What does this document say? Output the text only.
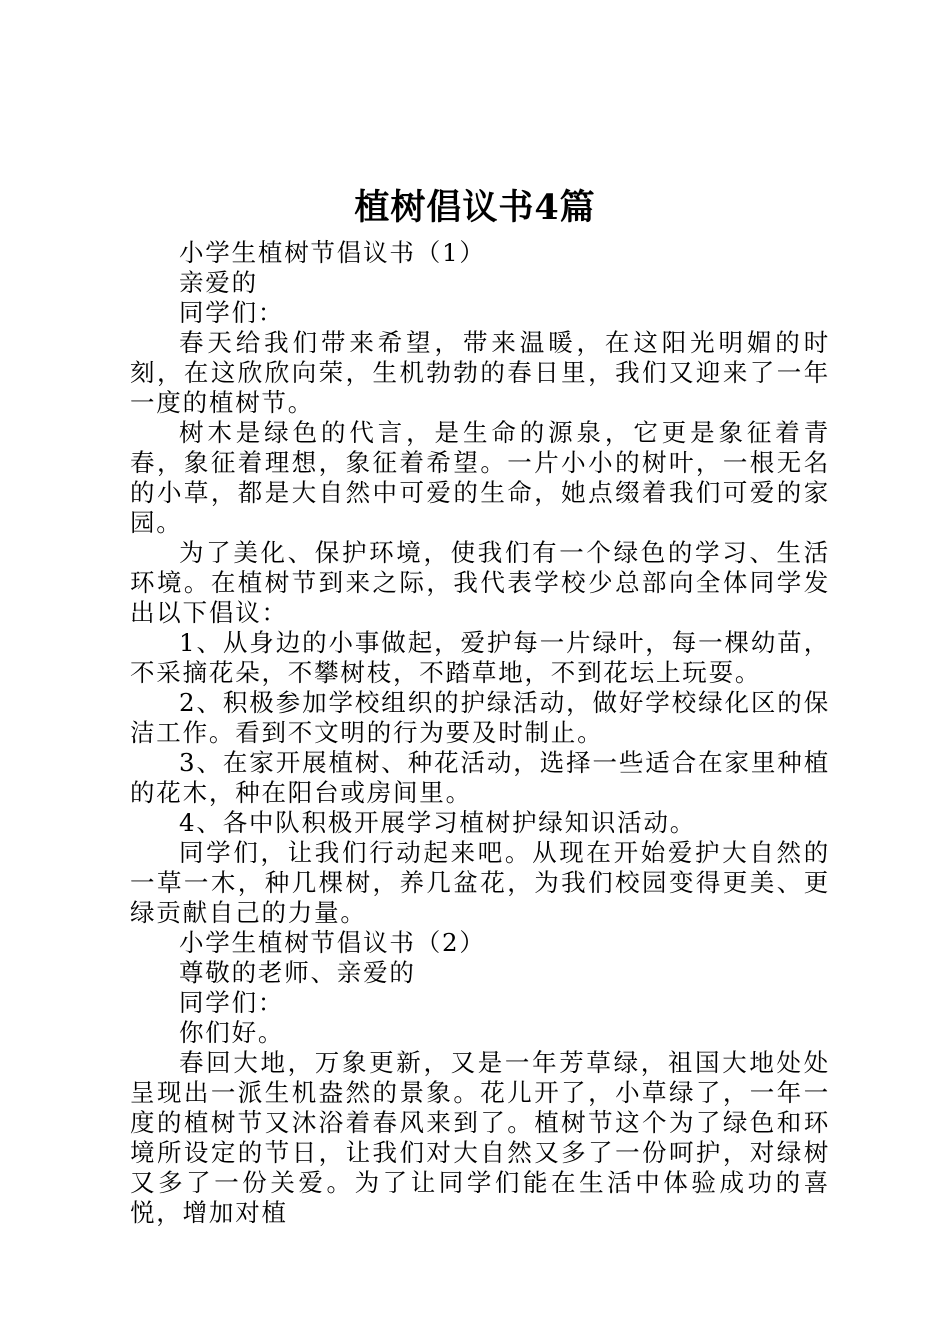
植树倡议书4篇

小学生植树节倡议书（1）

亲爱的

同学们：

春天给我们带来希望，带来温暖，在这阳光明媚的时刻，在这欣欣向荣，生机勃勃的春日里，我们又迎来了一年一度的植树节。

树木是绿色的代言，是生命的源泉，它更是象征着青春，象征着理想，象征着希望。一片小小的树叶，一根无名的小草，都是大自然中可爱的生命，她点缀着我们可爱的家园。

为了美化、保护环境，使我们有一个绿色的学习、生活环境。在植树节到来之际，我代表学校少总部向全体同学发出以下倡议：

1、从身边的小事做起，爱护每一片绿叶，每一棵幼苗，不采摘花朵，不攀树枝，不踏草地，不到花坛上玩耍。

2、积极参加学校组织的护绿活动，做好学校绿化区的保洁工作。看到不文明的行为要及时制止。

3、在家开展植树、种花活动，选择一些适合在家里种植的花木，种在阳台或房间里。

4、各中队积极开展学习植树护绿知识活动。

同学们，让我们行动起来吧。从现在开始爱护大自然的一草一木，种几棵树，养几盆花，为我们校园变得更美、更绿贡献自己的力量。

小学生植树节倡议书（2）

尊敬的老师、亲爱的

同学们：

你们好。

春回大地，万象更新，又是一年芳草绿，祖国大地处处呈现出一派生机盎然的景象。花儿开了，小草绿了，一年一度的植树节又沐浴着春风来到了。植树节这个为了绿色和环境所设定的节日，让我们对大自然又多了一份呵护，对绿树又多了一份关爱。为了让同学们能在生活中体验成功的喜悦，增加对植
